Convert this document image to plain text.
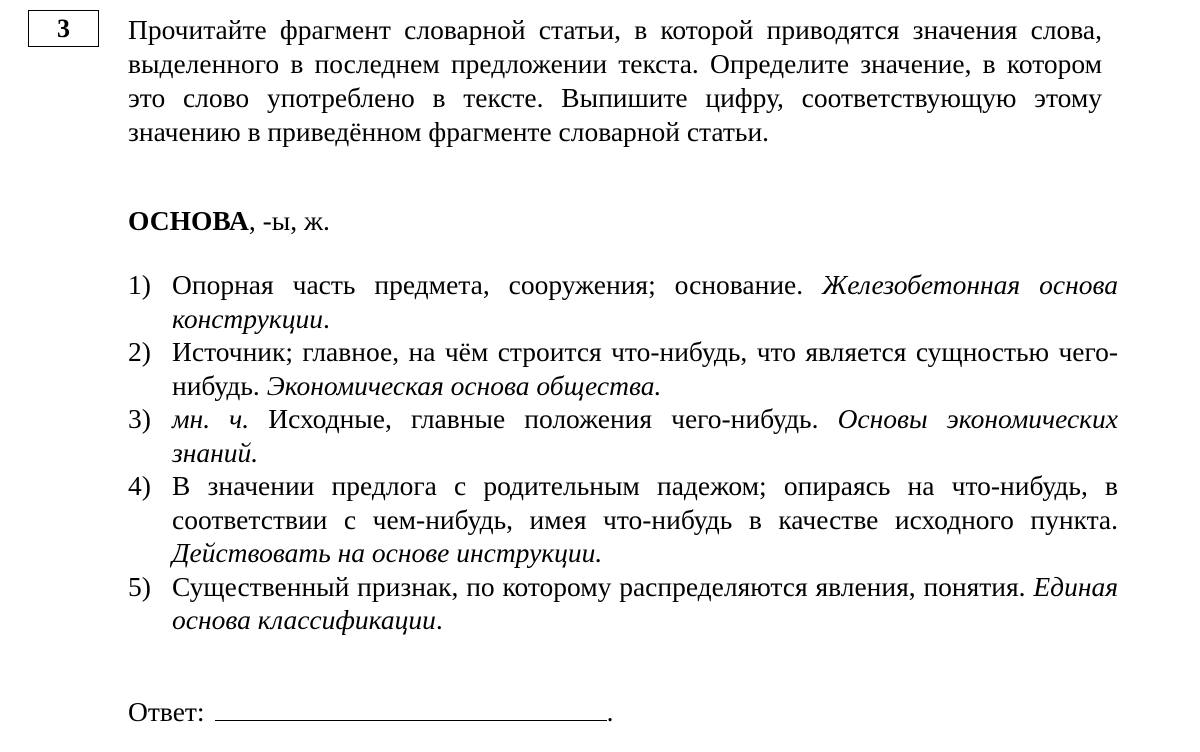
3 Прочитайте фрагмент словарной статьи, в которой приводятся значения слова, выделенного в последнем предложении текста. Определите значение, в котором это слово употреблено в тексте. Выпишите цифру, соответствующую этому значению в приведённом фрагменте словарной статьи.

ОСНОВА, -ы, ж.

1) Опорная часть предмета, сооружения; основание. Железобетонная основа конструкции.
2) Источник; главное, на чём строится что-нибудь, что является сущностью чего-нибудь. Экономическая основа общества.
3) мн. ч. Исходные, главные положения чего-нибудь. Основы экономических знаний.
4) В значении предлога с родительным падежом; опираясь на что-нибудь, в соответствии с чем-нибудь, имея что-нибудь в качестве исходного пункта. Действовать на основе инструкции.
5) Существенный признак, по которому распределяются явления, понятия. Единая основа классификации.
Ответ:	.
